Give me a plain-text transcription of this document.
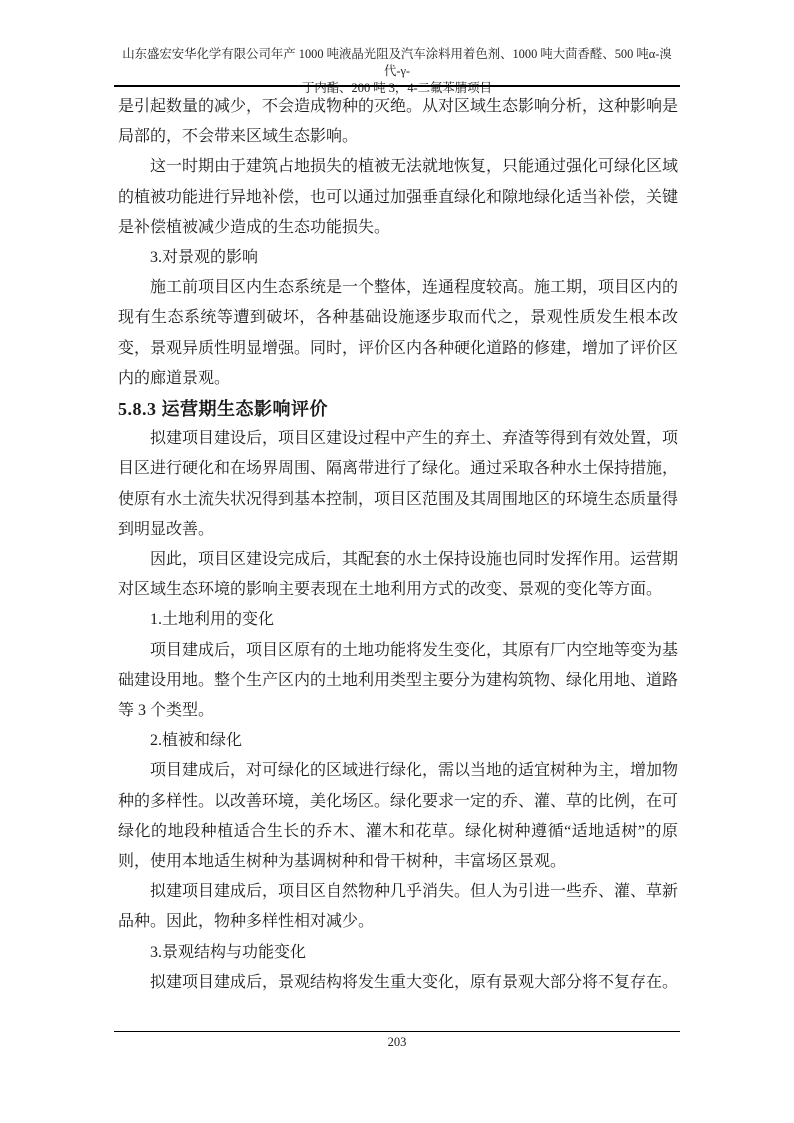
山东盛宏安华化学有限公司年产 1000 吨液晶光阻及汽车涂料用着色剂、1000 吨大茴香醛、500 吨α-溴代-γ-
丁内酯、200 吨 3，4-二氟苯腈项目

是引起数量的减少，不会造成物种的灭绝。从对区域生态影响分析，这种影响是局部的，不会带来区域生态影响。

这一时期由于建筑占地损失的植被无法就地恢复，只能通过强化可绿化区域的植被功能进行异地补偿，也可以通过加强垂直绿化和隙地绿化适当补偿，关键是补偿植被减少造成的生态功能损失。

3.对景观的影响

施工前项目区内生态系统是一个整体，连通程度较高。施工期，项目区内的现有生态系统等遭到破坏，各种基础设施逐步取而代之，景观性质发生根本改变，景观异质性明显增强。同时，评价区内各种硬化道路的修建，增加了评价区内的廊道景观。

5.8.3 运营期生态影响评价

拟建项目建设后，项目区建设过程中产生的弃土、弃渣等得到有效处置，项目区进行硬化和在场界周围、隔离带进行了绿化。通过采取各种水土保持措施，使原有水土流失状况得到基本控制，项目区范围及其周围地区的环境生态质量得到明显改善。

因此，项目区建设完成后，其配套的水土保持设施也同时发挥作用。运营期对区域生态环境的影响主要表现在土地利用方式的改变、景观的变化等方面。

1.土地利用的变化

项目建成后，项目区原有的土地功能将发生变化，其原有厂内空地等变为基础建设用地。整个生产区内的土地利用类型主要分为建构筑物、绿化用地、道路等 3 个类型。

2.植被和绿化

项目建成后，对可绿化的区域进行绿化，需以当地的适宜树种为主，增加物种的多样性。以改善环境，美化场区。绿化要求一定的乔、灌、草的比例，在可绿化的地段种植适合生长的乔木、灌木和花草。绿化树种遵循“适地适树”的原则，使用本地适生树种为基调树种和骨干树种，丰富场区景观。

拟建项目建成后，项目区自然物种几乎消失。但人为引进一些乔、灌、草新品种。因此，物种多样性相对减少。

3.景观结构与功能变化

拟建项目建成后，景观结构将发生重大变化，原有景观大部分将不复存在。

203
